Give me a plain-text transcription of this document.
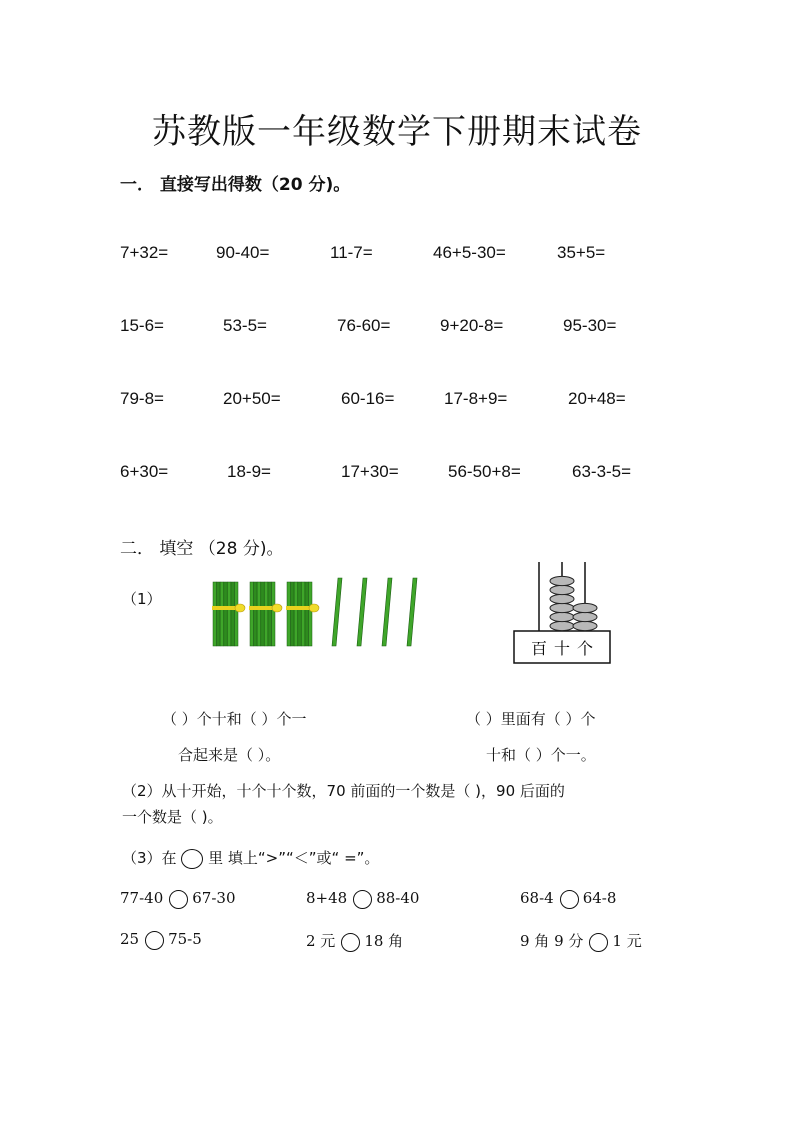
苏教版一年级数学下册期末试卷
一． 直接写出得数（20 分)。
7+32=	90-40=	11-7=	46+5-30=	35+5=
15-6=	53-5=	76-60=	9+20-8=	95-30=
79-8=	20+50=	60-16=	17-8+9=	20+48=
6+30=	18-9=	17+30=	56-50+8=	63-3-5=
二． 填空 （28 分)。
（1）
百 十 个
（ ）个十和（ ）个一
合起来是（ ）。
（ ）里面有（ ）个
十和（ ）个一。
（2）从十开始，十个十个数，70 前面的一个数是（ )，90 后面的
一个数是（ )。
（3）在  里 填上“>”“＜”或“ =”。
77-40 67-30	8+48 88-40	68-4 64-8
25 75-5	2 元 18 角	9 角 9 分 1 元
